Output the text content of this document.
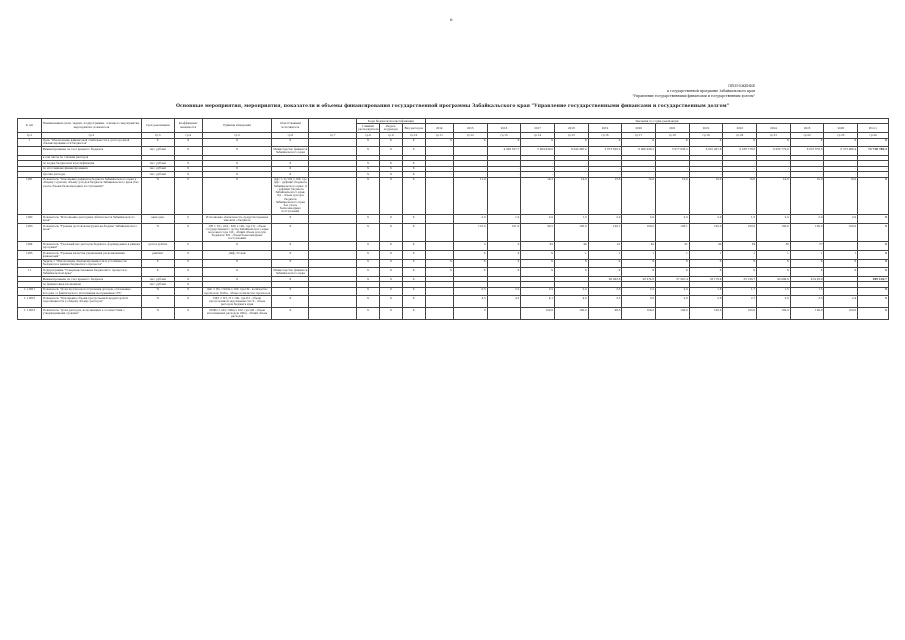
6
ПРИЛОЖЕНИЕ
к государственной программе Забайкальского края
"Управление государственными финансами и государственным долгом"
Основные мероприятия, мероприятия, показатели и объемы финансирования государственной программы Забайкальского края "Управление государственными финансами и государственным долгом"
№ п/п	Наименование цели, задачи, подпрограммы, основного мероприятия, мероприятия, показателя	Срок реализации	Коэффициент значимости	Единица измерения	Ответственный исполнитель		Коды бюджетной классификации			Значения по годам реализации													
							Главный распорядитель	Раздел, подраздел	Вид расходов	2014	2015	2016	2017	2018	2019	2020	2021	2022	2023	2024	2025	2026	Итого
гр.1	гр.2	гр.3	гр.4	гр.5	гр.6	гр.7	гр.8	гр.9	гр.10	гр.11	гр.12	гр.13	гр.14	гр.15	гр.16	гр.17	гр.18	гр.19	гр.20	гр.21	гр.22	гр.23	гр.24
1	Цель "Обеспечение финансовой стабильности и долгосрочной сбалансированности бюджетов"	X	X	X	X		X	X	X	X	X	X	X	X	X	X	X	X	X	X	X	X	X
	Финансирование за счет краевого бюджета	тыс. рублей	X	X	Министерство финансов Забайкальского края		X	X	X			4 926 527,7	5 084 939,0	6 043 485,4	5 673 826,2	6 006 938,2	5 977 936,2	6 001 407,8	6 188 778,6	6 035 770,0	6 037 876,5	6 373 988,4	72 728 780,2
	в том числе по статьям расходов																						
	по кодам бюджетной классификации	тыс. рублей	X	X	X		X	X	X	-	-	-	-	-	-	-	-	-	-	-	-	-	-
	по источникам финансирования	тыс. рублей	X	X	X		X	X	X	-	-	-	-	-	-	-	-	-	-	-	-	-	-
	прочие расходы	тыс. рублей	X	X	X		X	X	X	-	-	-	-	-	-	-	-	-	-	-	-	-	-
ЦП1	Показатель "Отношение дефицита бюджета Забайкальского края к общему годовому объему доходов бюджета Забайкальского края (без учета объема безвозмездных поступлений)"	%	0	X	Дфс = Д / ОД х 100, где Дфс - дефицит бюджета Забайкальского края; Д - дефицит бюджета Забайкальского края; ОД - объем доходов бюджета Забайкальского края без учета безвозмездных поступлений		X	X	X		11,9		14,2	14,4	15,5	10,0	10,0	10,0	10,0	10,0	10,0	10,0	X
ЦП2	Показатель "Исполнение расходных обязательств Забайкальского края"	ежегодно	0	Исполнение обязательств, предусмотренных законом о бюджете	X		X	X	X		2,0	1,0	2,0	1,0	2,0	2,0	2,0	2,0	1,5	2,0	2,0	2,0	X
ЦП3	Показатель "Уровень долговой нагрузки на бюджет Забайкальского края"	%	X	ДН = ГД / (ОД - БП) х 100, где ГД - объем государственного долга Забайкальского края на конец года; ОД - общий объем доходов бюджета; БП - объем безвозмездных поступлений	X		X	X	X		101,0	101,0	99,5	100,0	100,1	100,0	100,1	100,0	100,0	100,0	100,0	100,0	X
ЦП4	Показатель "Удельный вес расходов бюджета, формируемых в рамках программ"	доля в рублях	0	X	X		X	X	X		0	0	45	44	41	42	41	40	39	38	37		0
ЦП5	Показатель "Уровень качества управления региональными финансами"	рейтинг	X	Дмф / Ролей	X		X	X	X		X	X	X	1	1	1	1	1	1	1	1	1	X
	Задача 1 "Обеспечение сбалансированности и устойчивости бюджетов в рамках бюджетного процесса"	X	X	X	X		X	X	X	X	X	X	X	X	X	X	X	X	X	X	X	X	X
1.1	Подпрограмма "Совершенствование бюджетного процесса в Забайкальском крае"	X	X	X	Министерство финансов Забайкальского края		X	X	X	X	X	X	X	X	X	X	X	X	X	X	X	X	X
	Финансирование за счет краевого бюджета	тыс. рублей	X	X	X		X	X	X						60 903,6	28 274,6	37 347,4	33 179,9	35 139,7	45 090,6	474 03,9		189 126,7
	по финансовым вложениям	тыс. рублей	X																				
1.1.ПП1	Показатель "Доля прогнозов поступления доходов, отклонение которых от фактического исполнения не превышает 5%"	%	X	Дпп = Пп / Побщ х 100, где Пп - количество прогнозов; Побщ - общее количество прогнозов	X		X	X	X		0,5	2,5	2,5	2,4	2,3	2,2	2,0	1,8	1,7	1,5	1,5		X
1.1.ПП2	Показатель "Отношение объема просроченной кредиторской задолженности к общему объему расходов"	%	X	ПКЗ = ПЗ / Р х 100, где ПЗ - объем просроченной задолженности; Р - объем расходов бюджета края	X		X	X	X		4,5	4,5	4,1	4,0	3,5	3,0	2,8	2,8	2,7	2,6	2,5	2,4	X
1.1.ПП3	Показатель "Доля расходов, исполненных в соответствии с утвержденными сроками"	%	X	ОИРО = ОИ / ОБщ х 100, где ОИ - объем исполненных расходов; ОБщ - общий объем расходов	X		X	X	X		0		100,0	100,0	99,5	100,0	100,0	100,0	100,0	100,0	100,0	100,0	X
